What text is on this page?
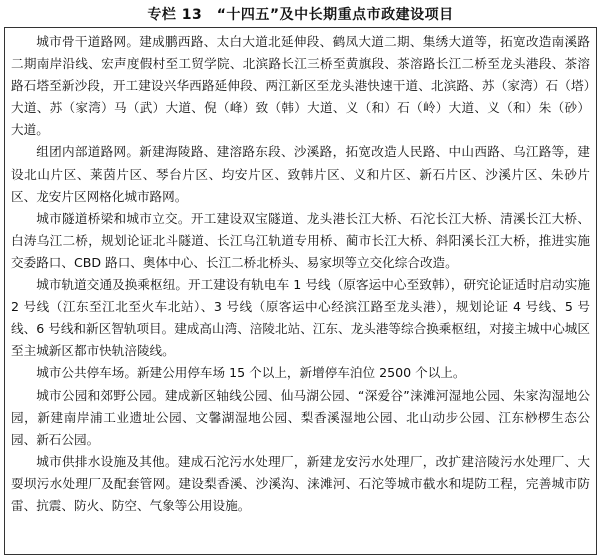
专栏 13　“十四五”及中长期重点市政建设项目

城市骨干道路网。建成鹏西路、太白大道北延伸段、鹤凤大道二期、集绣大道等，拓宽改造南溪路二期南岸沿线、宏声度假村至工贸学院、北滨路长江三桥至黄旗段、茶溶路长江二桥至龙头港段、茶溶路石塔至新沙段，开工建设兴华西路延伸段、两江新区至龙头港快速干道、北滨路、苏（家湾）石（塔）大道、苏（家湾）马（武）大道、倪（峰）致（韩）大道、义（和）石（岭）大道、义（和）朱（砂）大道。

组团内部道路网。新建海陵路、建溶路东段、沙溪路，拓宽改造人民路、中山西路、乌江路等，建设北山片区、莱茵片区、琴台片区、均安片区、致韩片区、义和片区、新石片区、沙溪片区、朱砂片区、龙安片区网格化城市路网。

城市隧道桥梁和城市立交。开工建设双宝隧道、龙头港长江大桥、石沱长江大桥、清溪长江大桥、白涛乌江二桥，规划论证北斗隧道、长江乌江轨道专用桥、蔺市长江大桥、斜阳溪长江大桥，推进实施交委路口、CBD 路口、奥体中心、长江二桥北桥头、易家坝等立交化综合改造。

城市轨道交通及换乘枢纽。开工建设有轨电车 1 号线（原客运中心至致韩），研究论证适时启动实施 2 号线（江东至江北至火车北站）、3 号线（原客运中心经滨江路至龙头港），规划论证 4 号线、5 号线、6 号线和新区智轨项目。建成高山湾、涪陵北站、江东、龙头港等综合换乘枢纽，对接主城中心城区至主城新区都市快轨涪陵线。

城市公共停车场。新建公用停车场 15 个以上，新增停车泊位 2500 个以上。

城市公园和郊野公园。建成新区轴线公园、仙马湖公园、“深爱谷”涞滩河湿地公园、朱家沟湿地公园，新建南岸浦工业遗址公园、文馨湖湿地公园、梨香溪湿地公园、北山动步公园、江东桫椤生态公园、新石公园。

城市供排水设施及其他。建成石沱污水处理厂，新建龙安污水处理厂，改扩建涪陵污水处理厂、大耍坝污水处理厂及配套管网。建设梨香溪、沙溪沟、涞滩河、石沱等城市截水和堤防工程，完善城市防雷、抗震、防火、防空、气象等公用设施。
